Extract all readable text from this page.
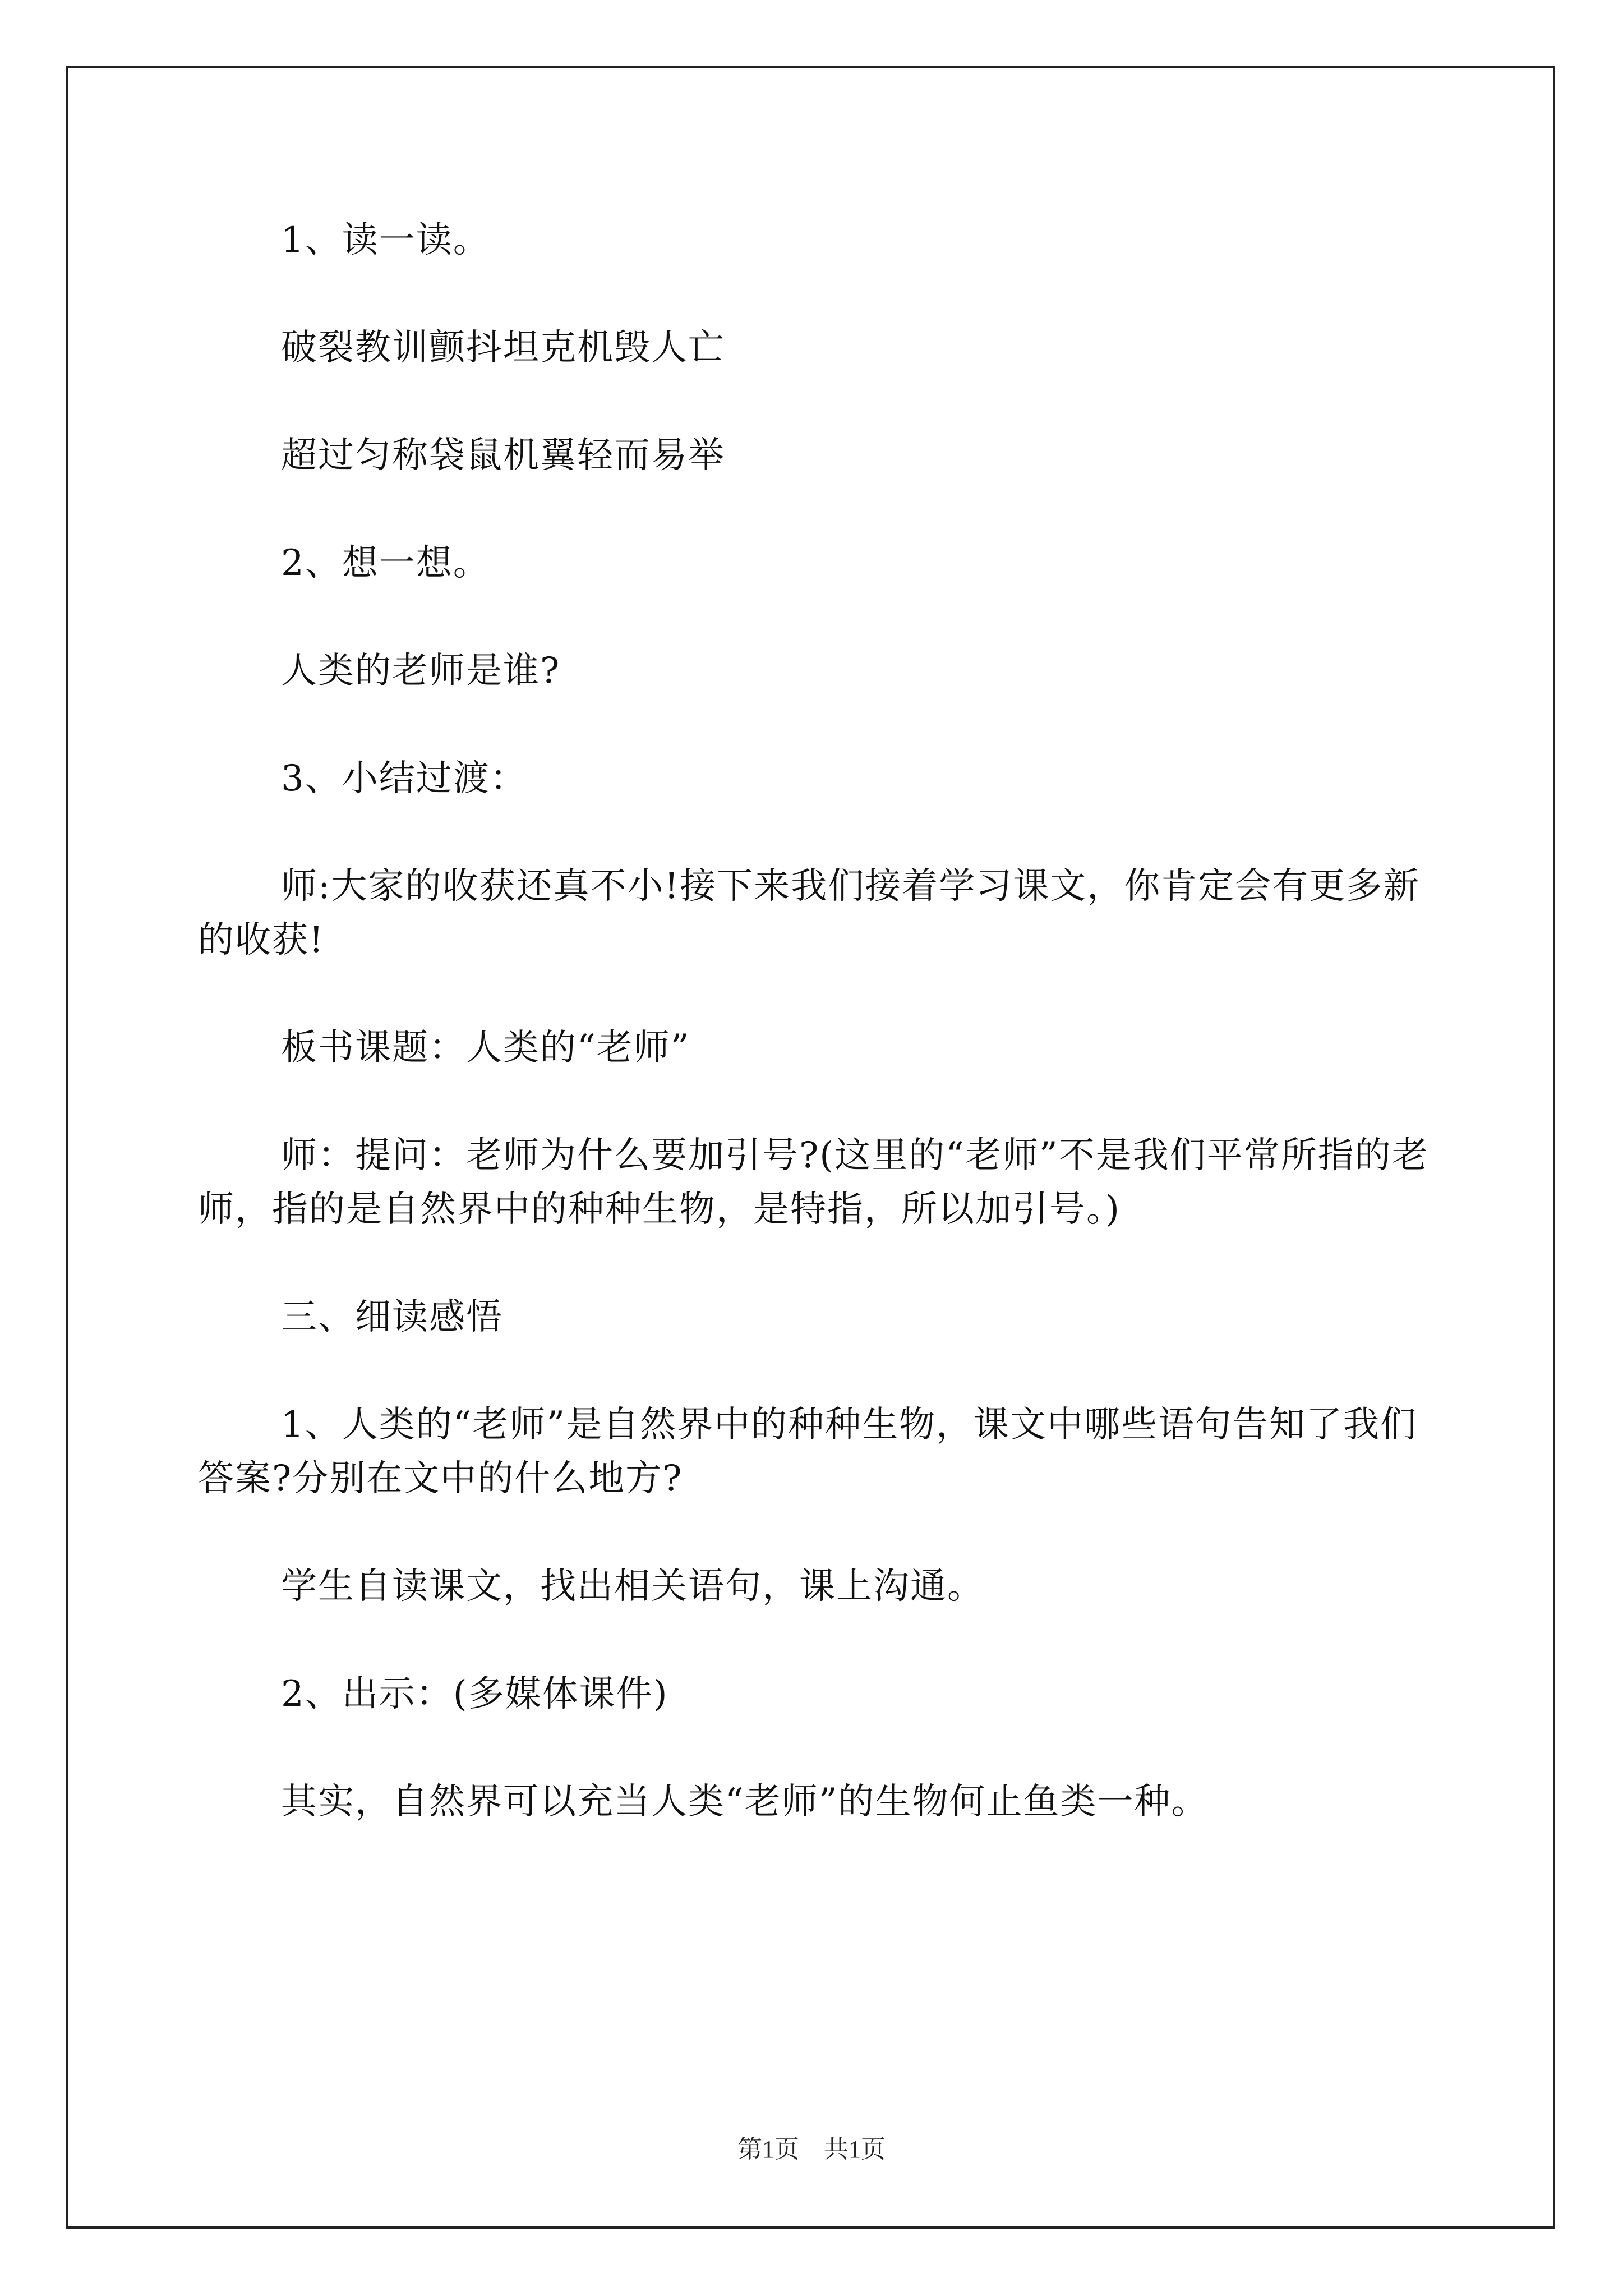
1、读一读。

破裂教训颤抖坦克机毁人亡

超过匀称袋鼠机翼轻而易举

2、想一想。

人类的老师是谁?

3、小结过渡：

师:大家的收获还真不小!接下来我们接着学习课文，你肯定会有更多新的收获!

板书课题：人类的“老师”

师：提问：老师为什么要加引号?(这里的“老师”不是我们平常所指的老师，指的是自然界中的种种生物，是特指，所以加引号。)

三、细读感悟

1、人类的“老师”是自然界中的种种生物，课文中哪些语句告知了我们答案?分别在文中的什么地方?

学生自读课文，找出相关语句，课上沟通。

2、出示：(多媒体课件)

其实，自然界可以充当人类“老师”的生物何止鱼类一种。

第1页　共1页
